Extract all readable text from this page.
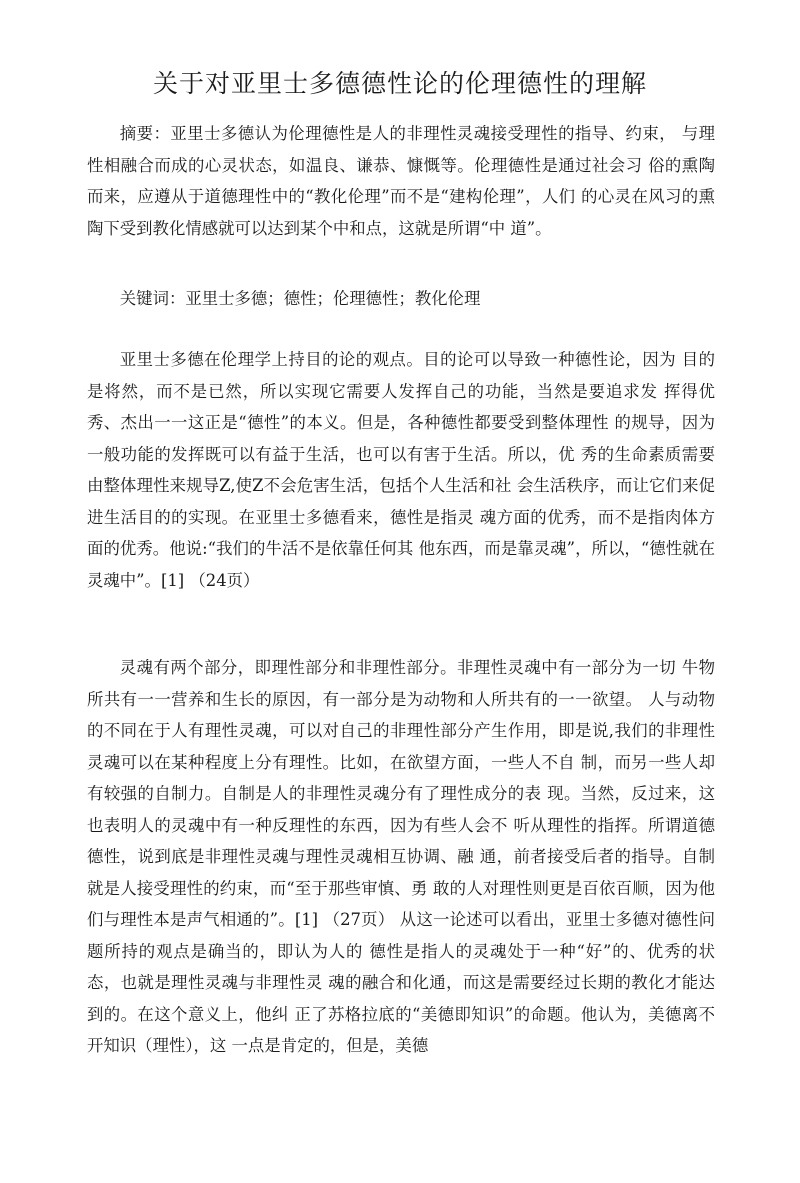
关于对亚里士多德德性论的伦理德性的理解

摘要：亚里士多德认为伦理德性是人的非理性灵魂接受理性的指导、约束， 与理性相融合而成的心灵状态，如温良、谦恭、慷慨等。伦理德性是通过社会习 俗的熏陶而来，应遵从于道德理性中的“教化伦理”而不是“建构伦理”，人们 的心灵在风习的熏陶下受到教化情感就可以达到某个中和点，这就是所谓“中 道”。

关键词：亚里士多德；德性；伦理德性；教化伦理

亚里士多德在伦理学上持目的论的观点。目的论可以导致一种德性论，因为 目的是将然，而不是已然，所以实现它需要人发挥自己的功能，当然是要追求发 挥得优秀、杰出一一这正是“德性”的本义。但是，各种德性都要受到整体理性 的规导，因为一般功能的发挥既可以有益于生活，也可以有害于生活。所以，优 秀的生命素质需要由整体理性来规导Z,使Z不会危害生活，包括个人生活和社 会生活秩序，而让它们来促进生活目的的实现。在亚里士多德看来，德性是指灵 魂方面的优秀，而不是指肉体方面的优秀。他说:“我们的牛活不是依靠任何其 他东西，而是靠灵魂”，所以，“德性就在灵魂中”。[1] （24页）

灵魂有两个部分，即理性部分和非理性部分。非理性灵魂中有一部分为一切 牛物所共有一一营养和生长的原因，有一部分是为动物和人所共有的一一欲望。 人与动物的不同在于人有理性灵魂，可以对自己的非理性部分产生作用，即是说,我们的非理性灵魂可以在某种程度上分有理性。比如，在欲望方面，一些人不自 制，而另一些人却有较强的自制力。自制是人的非理性灵魂分有了理性成分的表 现。当然，反过来，这也表明人的灵魂中有一种反理性的东西，因为有些人会不 听从理性的指挥。所谓道德德性，说到底是非理性灵魂与理性灵魂相互协调、融 通，前者接受后者的指导。自制就是人接受理性的约束，而“至于那些审慎、勇 敢的人对理性则更是百依百顺，因为他们与理性本是声气相通的”。[1] （27页） 从这一论述可以看出，亚里士多德对德性问题所持的观点是确当的，即认为人的 德性是指人的灵魂处于一种“好”的、优秀的状态，也就是理性灵魂与非理性灵 魂的融合和化通，而这是需要经过长期的教化才能达到的。在这个意义上，他纠 正了苏格拉底的“美德即知识”的命题。他认为，美德离不开知识（理性），这 一点是肯定的，但是，美德
